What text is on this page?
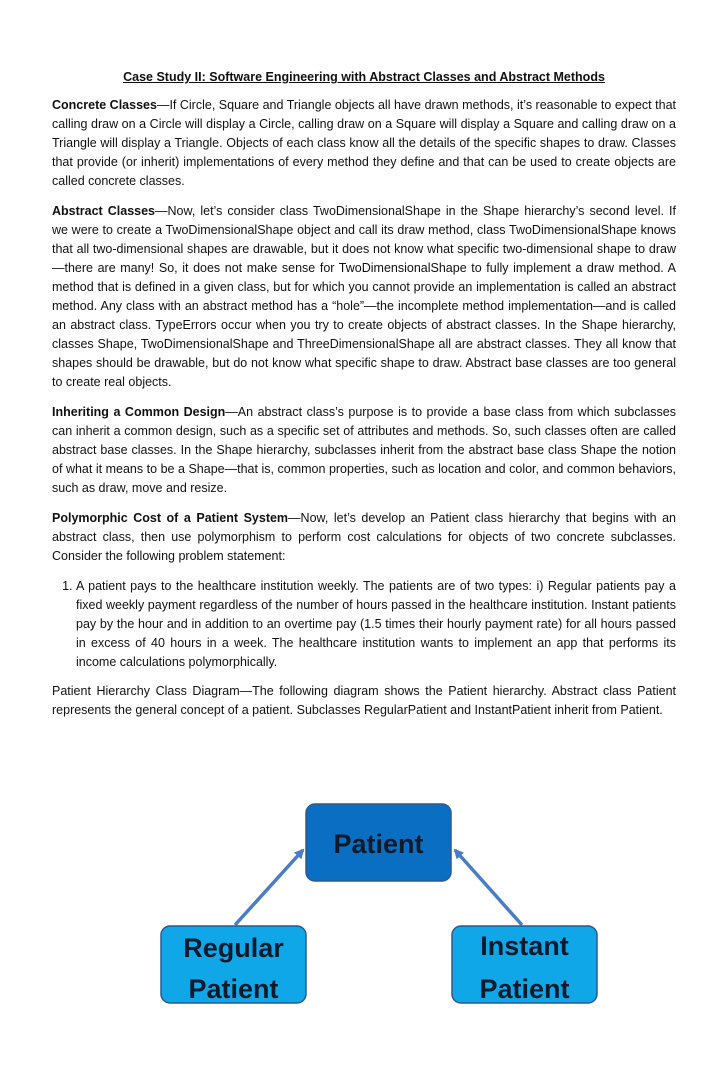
Case Study II: Software Engineering with Abstract Classes and Abstract Methods

Concrete Classes—If Circle, Square and Triangle objects all have drawn methods, it’s reasonable to expect that calling draw on a Circle will display a Circle, calling draw on a Square will display a Square and calling draw on a Triangle will display a Triangle. Objects of each class know all the details of the specific shapes to draw. Classes that provide (or inherit) implementations of every method they define and that can be used to create objects are called concrete classes.

Abstract Classes—Now, let’s consider class TwoDimensionalShape in the Shape hierarchy’s second level. If we were to create a TwoDimensionalShape object and call its draw method, class TwoDimensionalShape knows that all two-dimensional shapes are drawable, but it does not know what specific two-dimensional shape to draw—there are many! So, it does not make sense for TwoDimensionalShape to fully implement a draw method. A method that is defined in a given class, but for which you cannot provide an implementation is called an abstract method. Any class with an abstract method has a “hole”—the incomplete method implementation—and is called an abstract class. TypeErrors occur when you try to create objects of abstract classes. In the Shape hierarchy, classes Shape, TwoDimensionalShape and ThreeDimensionalShape all are abstract classes. They all know that shapes should be drawable, but do not know what specific shape to draw. Abstract base classes are too general to create real objects.

Inheriting a Common Design—An abstract class’s purpose is to provide a base class from which subclasses can inherit a common design, such as a specific set of attributes and methods. So, such classes often are called abstract base classes. In the Shape hierarchy, subclasses inherit from the abstract base class Shape the notion of what it means to be a Shape—that is, common properties, such as location and color, and common behaviors, such as draw, move and resize.

Polymorphic Cost of a Patient System—Now, let’s develop an Patient class hierarchy that begins with an abstract class, then use polymorphism to perform cost calculations for objects of two concrete subclasses. Consider the following problem statement:

1. A patient pays to the healthcare institution weekly. The patients are of two types: i) Regular patients pay a fixed weekly payment regardless of the number of hours passed in the healthcare institution. Instant patients pay by the hour and in addition to an overtime pay (1.5 times their hourly payment rate) for all hours passed in excess of 40 hours in a week. The healthcare institution wants to implement an app that performs its income calculations polymorphically.

Patient Hierarchy Class Diagram—The following diagram shows the Patient hierarchy. Abstract class Patient represents the general concept of a patient. Subclasses RegularPatient and InstantPatient inherit from Patient.

Patient
Regular
Patient
Instant
Patient
